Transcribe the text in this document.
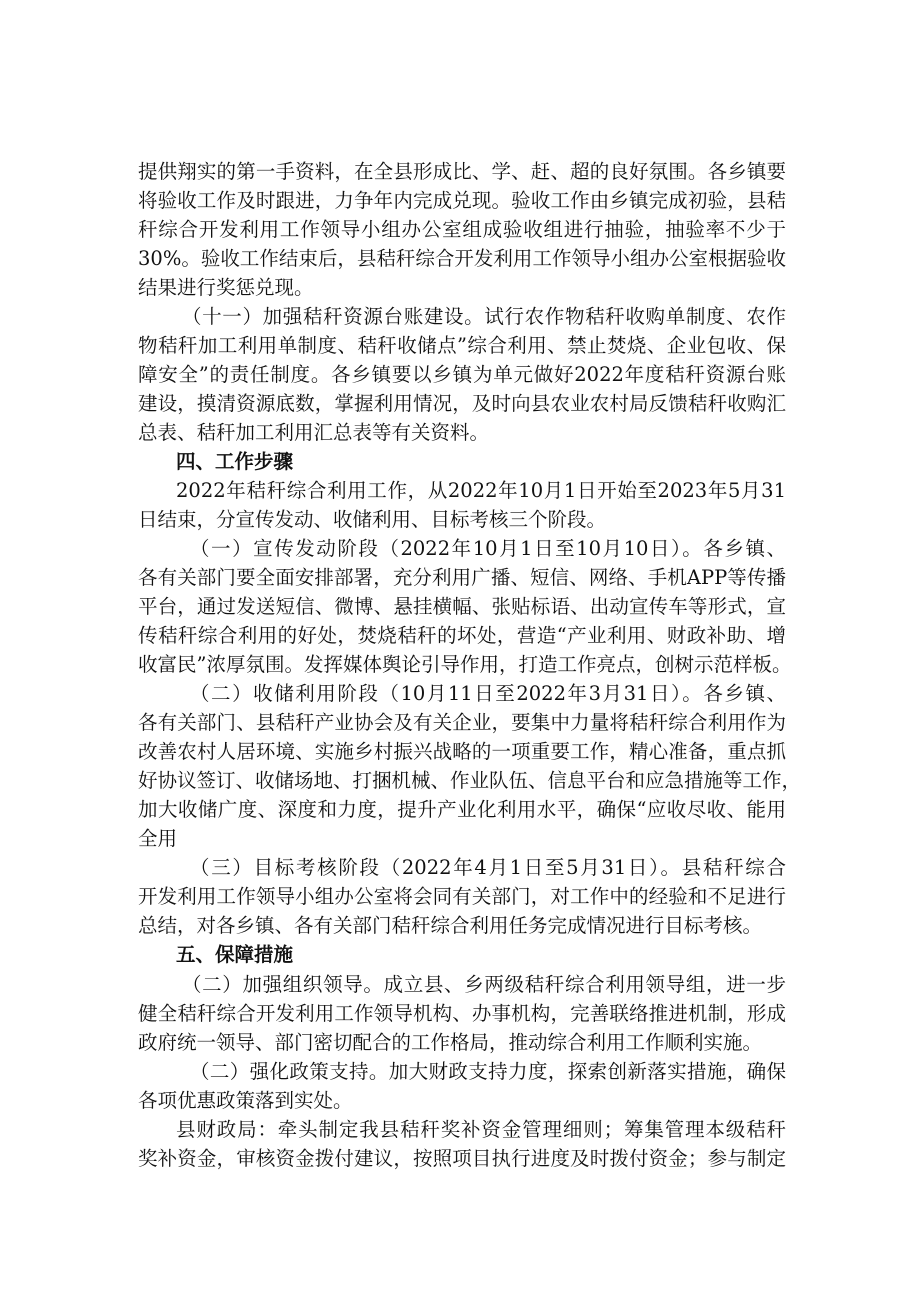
提供翔实的第一手资料，在全县形成比、学、赶、超的良好氛围。各乡镇要
将验收工作及时跟进，力争年内完成兑现。验收工作由乡镇完成初验，县秸
秆综合开发利用工作领导小组办公室组成验收组进行抽验，抽验率不少于
30%。验收工作结束后，县秸秆综合开发利用工作领导小组办公室根据验收
结果进行奖惩兑现。
（十一）加强秸秆资源台账建设。试行农作物秸秆收购单制度、农作
物秸秆加工利用单制度、秸秆收储点”综合利用、禁止焚烧、企业包收、保
障安全”的责任制度。各乡镇要以乡镇为单元做好2022年度秸秆资源台账
建设，摸清资源底数，掌握利用情况，及时向县农业农村局反馈秸秆收购汇
总表、秸秆加工利用汇总表等有关资料。
四、工作步骤
2022年秸秆综合利用工作，从2022年10月1日开始至2023年5月31
日结束，分宣传发动、收储利用、目标考核三个阶段。
（一）宣传发动阶段（2022年10月1日至10月10日）。各乡镇、
各有关部门要全面安排部署，充分利用广播、短信、网络、手机APP等传播
平台，通过发送短信、微博、悬挂横幅、张贴标语、出动宣传车等形式，宣
传秸秆综合利用的好处，焚烧秸秆的坏处，营造“产业利用、财政补助、增
收富民”浓厚氛围。发挥媒体舆论引导作用，打造工作亮点，创树示范样板。
（二）收储利用阶段（10月11日至2022年3月31日）。各乡镇、
各有关部门、县秸秆产业协会及有关企业，要集中力量将秸秆综合利用作为
改善农村人居环境、实施乡村振兴战略的一项重要工作，精心准备，重点抓
好协议签订、收储场地、打捆机械、作业队伍、信息平台和应急措施等工作，
加大收储广度、深度和力度，提升产业化利用水平，确保“应收尽收、能用
全用
（三）目标考核阶段（2022年4月1日至5月31日）。县秸秆综合
开发利用工作领导小组办公室将会同有关部门，对工作中的经验和不足进行
总结，对各乡镇、各有关部门秸秆综合利用任务完成情况进行目标考核。
五、保障措施
（二）加强组织领导。成立县、乡两级秸秆综合利用领导组，进一步
健全秸秆综合开发利用工作领导机构、办事机构，完善联络推进机制，形成
政府统一领导、部门密切配合的工作格局，推动综合利用工作顺利实施。
（二）强化政策支持。加大财政支持力度，探索创新落实措施，确保
各项优惠政策落到实处。
县财政局：牵头制定我县秸秆奖补资金管理细则；筹集管理本级秸秆
奖补资金，审核资金拨付建议，按照项目执行进度及时拨付资金；参与制定
